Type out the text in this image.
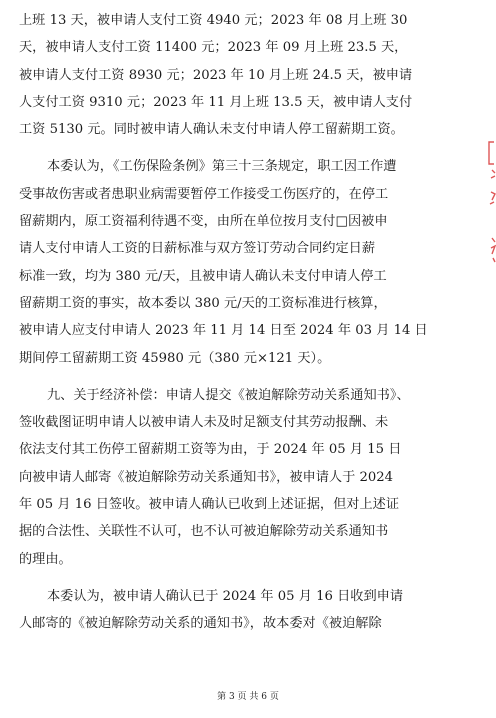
上班 13 天，被申请人支付工资 4940 元；2023 年 08 月上班 30
天，被申请人支付工资 11400 元；2023 年 09 月上班 23.5 天，
被申请人支付工资 8930 元；2023 年 10 月上班 24.5 天，被申请
人支付工资 9310 元；2023 年 11 月上班 13.5 天，被申请人支付
工资 5130 元。同时被申请人确认未支付申请人停工留薪期工资。
本委认为，《工伤保险条例》第三十三条规定，职工因工作遭
受事故伤害或者患职业病需要暂停工作接受工伤医疗的，在停工
留薪期内，原工资福利待遇不变，由所在单位按月支付□因被申
请人支付申请人工资的日薪标准与双方签订劳动合同约定日薪
标准一致，均为 380 元/天，且被申请人确认未支付申请人停工
留薪期工资的事实，故本委以 380 元/天的工资标准进行核算，
被申请人应支付申请人 2023 年 11 月 14 日至 2024 年 03 月 14 日
期间停工留薪期工资 45980 元（380 元×121 天）。
九、关于经济补偿：申请人提交《被迫解除劳动关系通知书》、
签收截图证明申请人以被申请人未及时足额支付其劳动报酬、未
依法支付其工伤停工留薪期工资等为由，于 2024 年 05 月 15 日
向被申请人邮寄《被迫解除劳动关系通知书》，被申请人于 2024
年 05 月 16 日签收。被申请人确认已收到上述证据，但对上述证
据的合法性、关联性不认可，也不认可被迫解除劳动关系通知书
的理由。
本委认为，被申请人确认已于 2024 年 05 月 16 日收到申请
人邮寄的《被迫解除劳动关系的通知书》，故本委对《被迫解除
第 3 页 共 6 页
